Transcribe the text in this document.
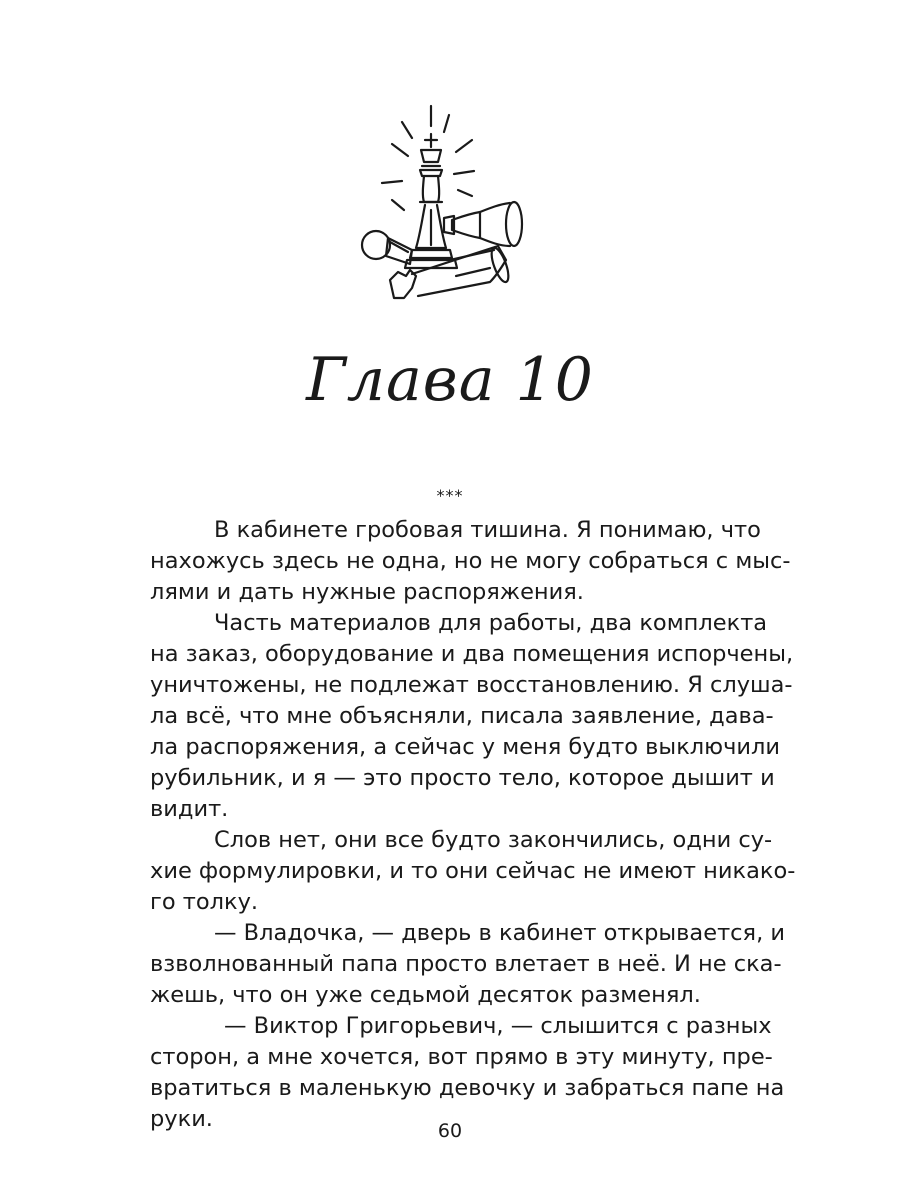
Глава 10
***

В кабинете гробовая тишина. Я понимаю, что
нахожусь здесь не одна, но не могу собраться с мыс-
лями и дать нужные распоряжения.

Часть материалов для работы, два комплекта
на заказ, оборудование и два помещения испорчены,
уничтожены, не подлежат восстановлению. Я слуша-
ла всё, что мне объясняли, писала заявление, дава-
ла распоряжения, а сейчас у меня будто выключили
рубильник, и я — это просто тело, которое дышит и
видит.

Слов нет, они все будто закончились, одни су-
хие формулировки, и то они сейчас не имеют никако-
го толку.

— Владочка, — дверь в кабинет открывается, и
взволнованный папа просто влетает в неё. И не ска-
жешь, что он уже седьмой десяток разменял.

— Виктор Григорьевич, — слышится с разных
сторон, а мне хочется, вот прямо в эту минуту, пре-
вратиться в маленькую девочку и забраться папе на
руки.	60
